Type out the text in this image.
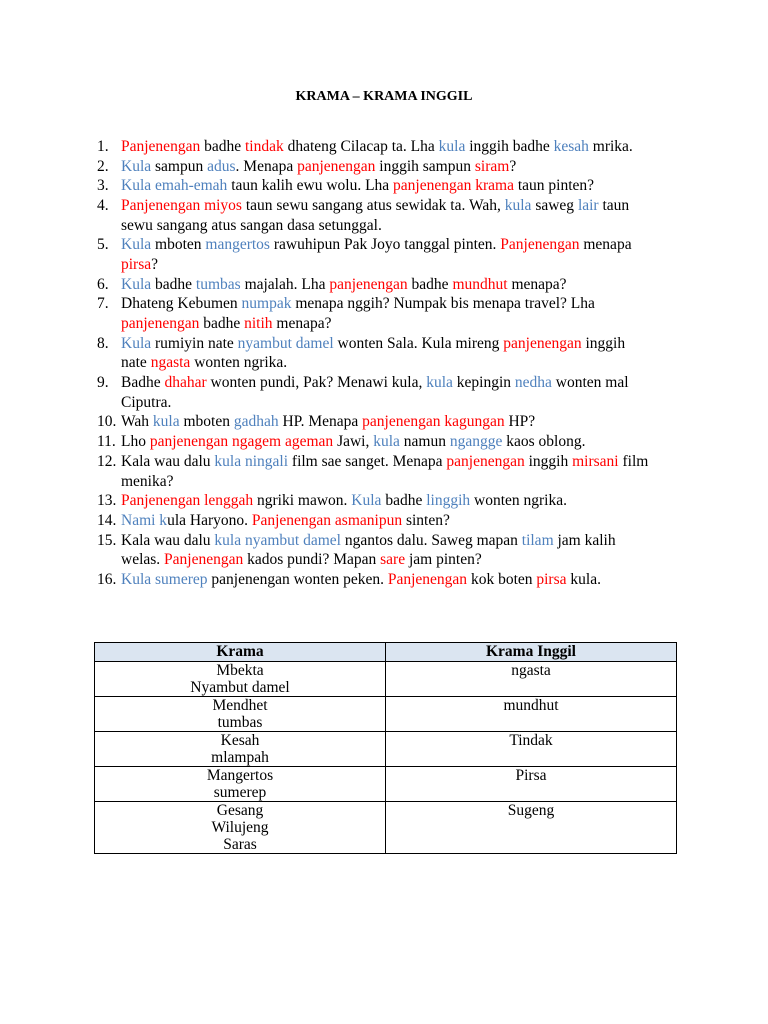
KRAMA – KRAMA INGGIL
1. Panjenengan badhe tindak dhateng Cilacap ta. Lha kula inggih badhe kesah mrika.
2. Kula sampun adus. Menapa panjenengan inggih sampun siram?
3. Kula emah-emah taun kalih ewu wolu. Lha panjenengan krama taun pinten?
4. Panjenengan miyos taun sewu sangang atus sewidak ta. Wah, kula saweg lair taun
sewu sangang atus sangan dasa setunggal.
5. Kula mboten mangertos rawuhipun Pak Joyo tanggal pinten. Panjenengan menapa
pirsa?
6. Kula badhe tumbas majalah. Lha panjenengan badhe mundhut menapa?
7. Dhateng Kebumen numpak menapa nggih? Numpak bis menapa travel? Lha
panjenengan badhe nitih menapa?
8. Kula rumiyin nate nyambut damel wonten Sala. Kula mireng panjenengan inggih
nate ngasta wonten ngrika.
9. Badhe dhahar wonten pundi, Pak? Menawi kula, kula kepingin nedha wonten mal
Ciputra.
10. Wah kula mboten gadhah HP. Menapa panjenengan kagungan HP?
11. Lho panjenengan ngagem ageman Jawi, kula namun ngangge kaos oblong.
12. Kala wau dalu kula ningali film sae sanget. Menapa panjenengan inggih mirsani film
menika?
13. Panjenengan lenggah ngriki mawon. Kula badhe linggih wonten ngrika.
14. Nami kula Haryono. Panjenengan asmanipun sinten?
15. Kala wau dalu kula nyambut damel ngantos dalu. Saweg mapan tilam jam kalih
welas. Panjenengan kados pundi? Mapan sare jam pinten?
16. Kula sumerep panjenengan wonten peken. Panjenengan kok boten pirsa kula.
Krama	Krama Inggil

Mbekta
Nyambut damel	ngasta

Mendhet
tumbas	mundhut

Kesah
mlampah	Tindak

Mangertos
sumerep	Pirsa

Gesang
Wilujeng
Saras	Sugeng
